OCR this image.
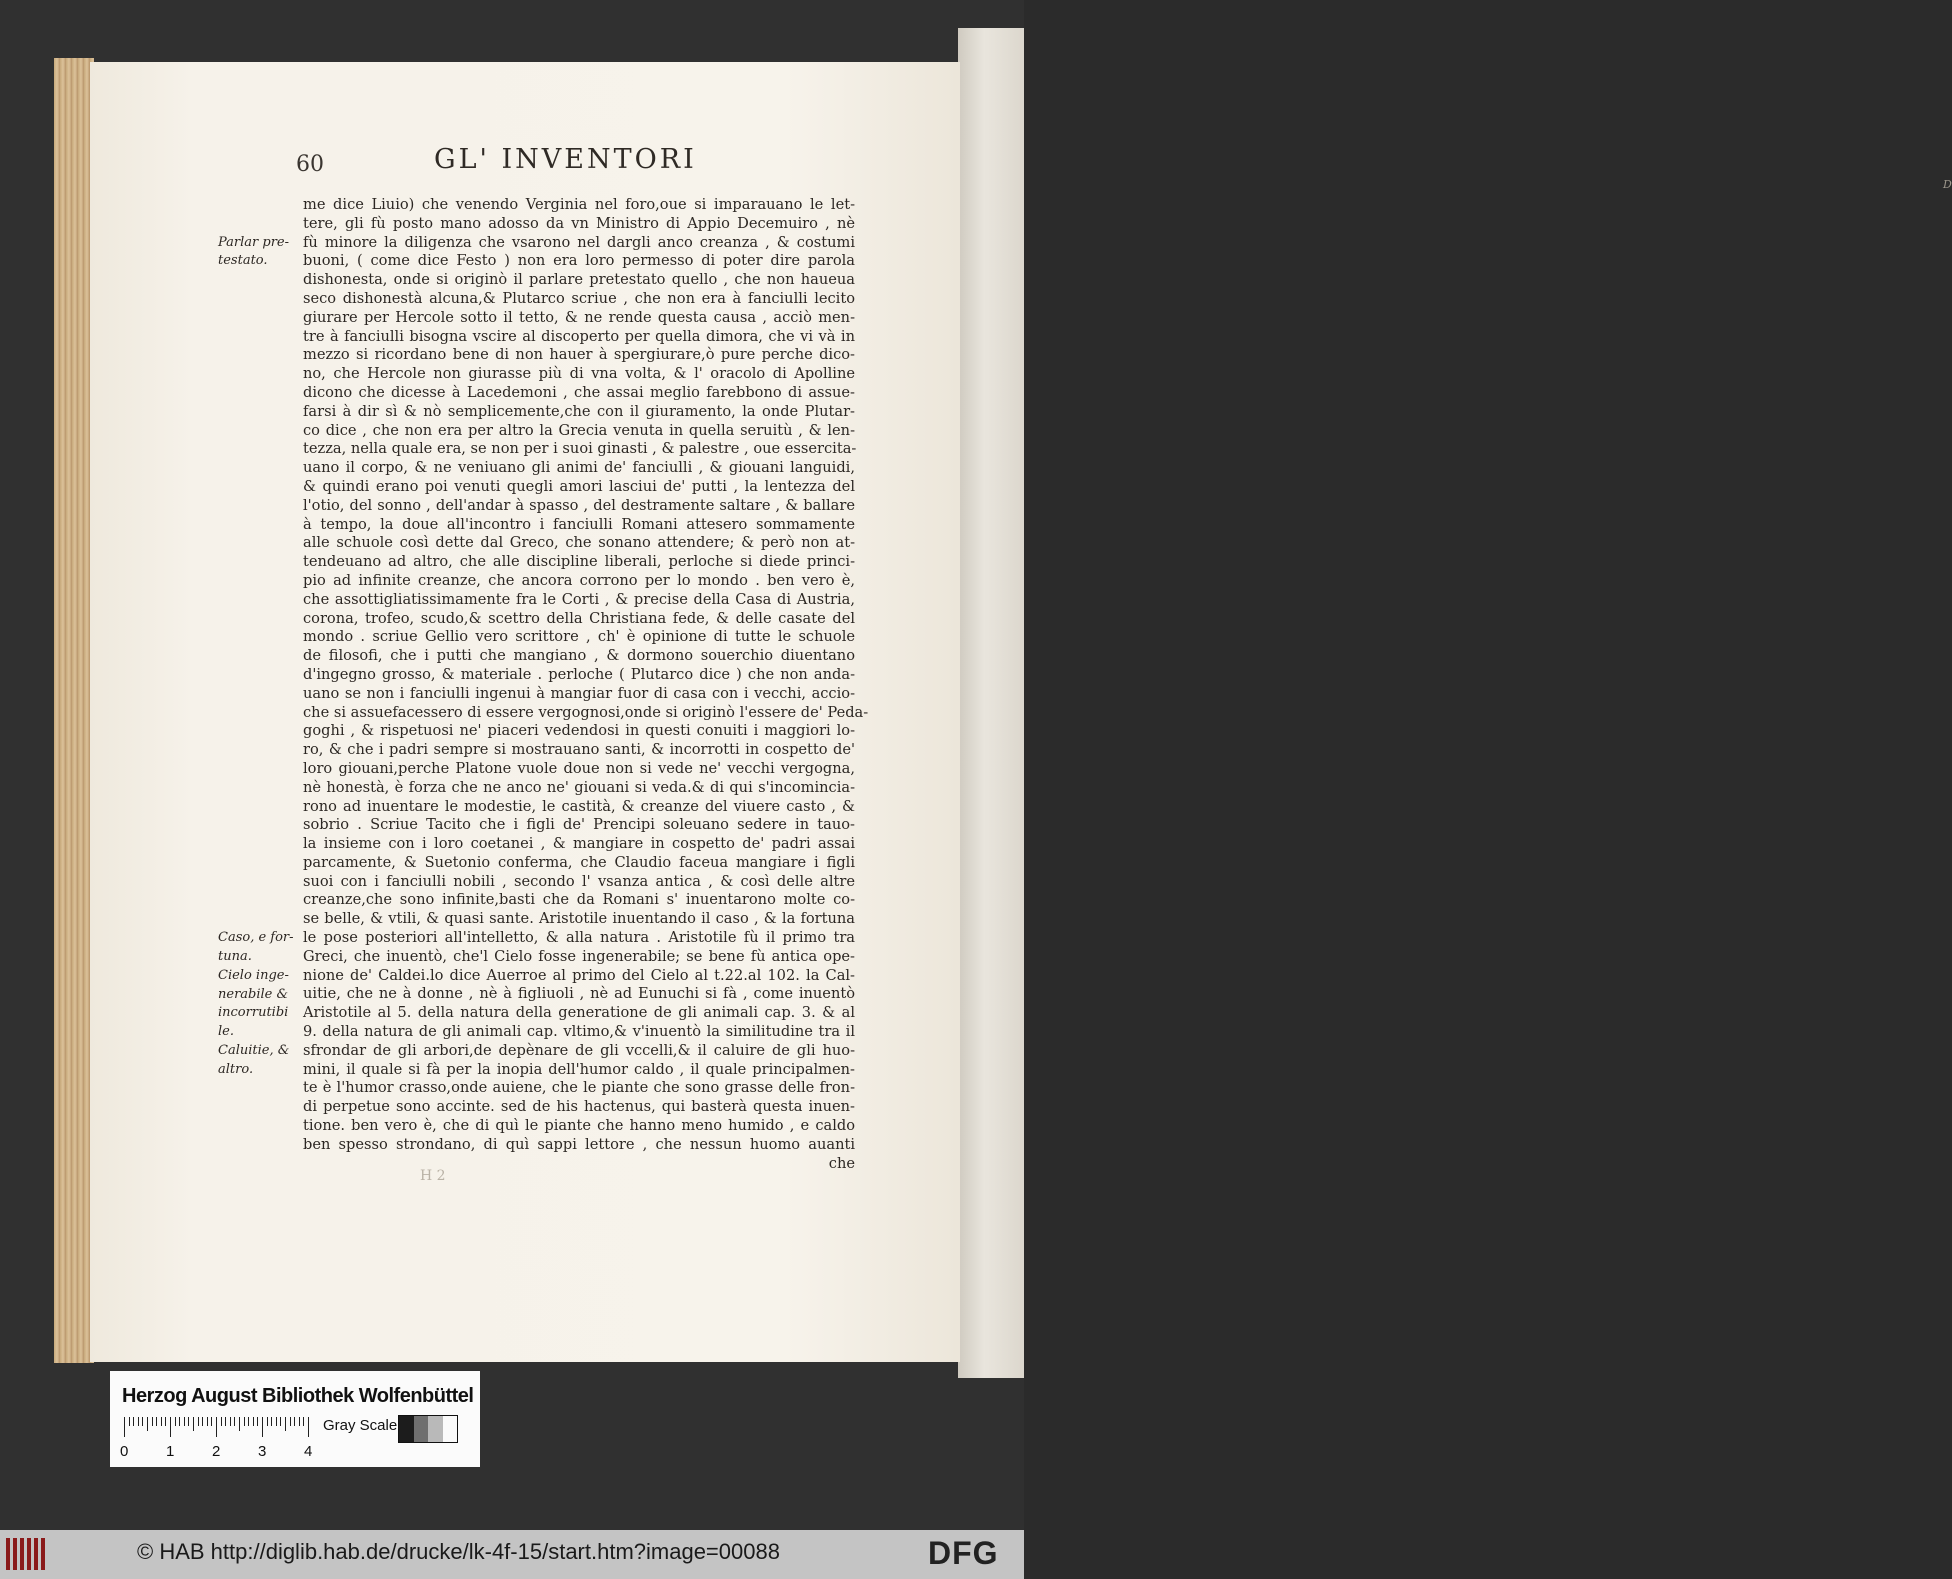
D
60	GL' INVENTORI
me dice Liuio) che venendo Verginia nel foro,oue si imparauano le let-
tere, gli fù posto mano adosso da vn Ministro di Appio Decemuiro , nè
fù minore la diligenza che vsarono nel dargli anco creanza , & costumi
buoni, ( come dice Festo ) non era loro permesso di poter dire parola
dishonesta, onde si originò il parlare pretestato quello , che non haueua
seco dishonestà alcuna,& Plutarco scriue , che non era à fanciulli lecito
giurare per Hercole sotto il tetto, & ne rende questa causa , acciò men-
tre à fanciulli bisogna vscire al discoperto per quella dimora, che vi và in
mezzo si ricordano bene di non hauer à spergiurare,ò pure perche dico-
no, che Hercole non giurasse più di vna volta, & l' oracolo di Apolline
dicono che dicesse à Lacedemoni , che assai meglio farebbono di assue-
farsi à dir sì & nò semplicemente,che con il giuramento, la onde Plutar-
co dice , che non era per altro la Grecia venuta in quella seruitù , & len-
tezza, nella quale era, se non per i suoi ginasti , & palestre , oue essercita-
uano il corpo, & ne veniuano gli animi de' fanciulli , & giouani languidi,
& quindi erano poi venuti quegli amori lasciui de' putti , la lentezza del
l'otio, del sonno , dell'andar à spasso , del destramente saltare , & ballare
à tempo, la doue all'incontro i fanciulli Romani attesero sommamente
alle schuole così dette dal Greco, che sonano attendere; & però non at-
tendeuano ad altro, che alle discipline liberali, perloche si diede princi-
pio ad infinite creanze, che ancora corrono per lo mondo . ben vero è,
che assottigliatissimamente fra le Corti , & precise della Casa di Austria,
corona, trofeo, scudo,& scettro della Christiana fede, & delle casate del
mondo . scriue Gellio vero scrittore , ch' è opinione di tutte le schuole
de filosofi, che i putti che mangiano , & dormono souerchio diuentano
d'ingegno grosso, & materiale . perloche ( Plutarco dice ) che non anda-
uano se non i fanciulli ingenui à mangiar fuor di casa con i vecchi, accio-
che si assuefacessero di essere vergognosi,onde si originò l'essere de' Peda-
goghi , & rispetuosi ne' piaceri vedendosi in questi conuiti i maggiori lo-
ro, & che i padri sempre si mostrauano santi, & incorrotti in cospetto de'
loro giouani,perche Platone vuole doue non si vede ne' vecchi vergogna,
nè honestà, è forza che ne anco ne' giouani si veda.& di qui s'incomincia-
rono ad inuentare le modestie, le castità, & creanze del viuere casto , &
sobrio . Scriue Tacito che i figli de' Prencipi soleuano sedere in tauo-
la insieme con i loro coetanei , & mangiare in cospetto de' padri assai
parcamente, & Suetonio conferma, che Claudio faceua mangiare i figli
suoi con i fanciulli nobili , secondo l' vsanza antica , & così delle altre
creanze,che sono infinite,basti che da Romani s' inuentarono molte co-
se belle, & vtili, & quasi sante. Aristotile inuentando il caso , & la fortuna
le pose posteriori all'intelletto, & alla natura . Aristotile fù il primo tra
Greci, che inuentò, che'l Cielo fosse ingenerabile; se bene fù antica ope-
nione de' Caldei.lo dice Auerroe al primo del Cielo al t.22.al 102. la Cal-
uitie, che ne à donne , nè à figliuoli , nè ad Eunuchi si fà , come inuentò
Aristotile al 5. della natura della generatione de gli animali cap. 3. & al
9. della natura de gli animali cap. vltimo,& v'inuentò la similitudine tra il
sfrondar de gli arbori,de depènare de gli vccelli,& il caluire de gli huo-
mini, il quale si fà per la inopia dell'humor caldo , il quale principalmen-
te è l'humor crasso,onde auiene, che le piante che sono grasse delle fron-
di perpetue sono accinte. sed de his hactenus, qui basterà questa inuen-
tione. ben vero è, che di quì le piante che hanno meno humido , e caldo
ben spesso strondano, di quì sappi lettore , che nessun huomo auanti
che
Parlar pre-
testato.
Caso, e for-
tuna.
Cielo inge-
nerabile &
incorrutibi
le.
Caluitie, &
altro.
H 2
Herzog August Bibliothek Wolfenbüttel
0	1	2	3	4
Gray Scale
© HAB http://diglib.hab.de/drucke/lk-4f-15/start.htm?image=00088	DFG
